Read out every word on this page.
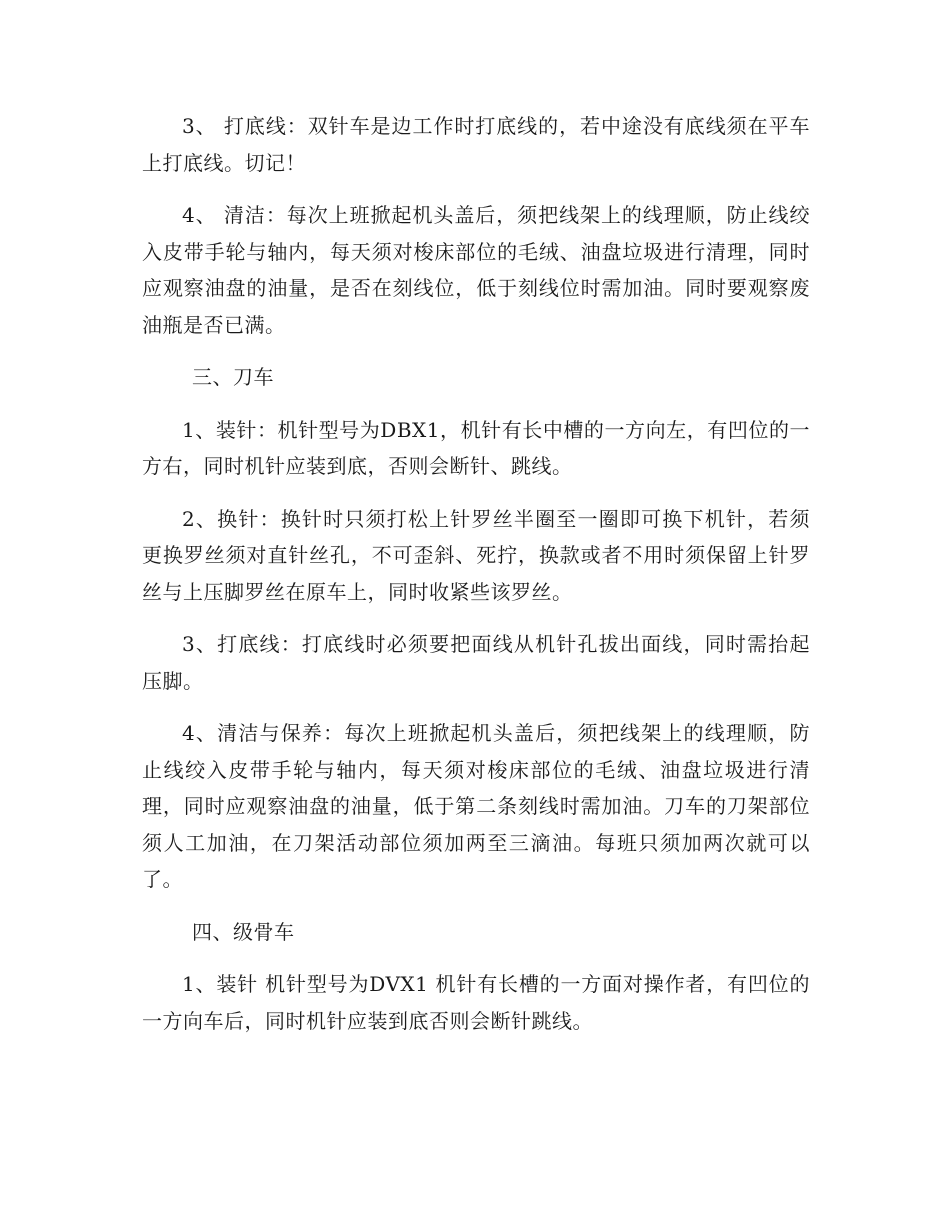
3、 打底线：双针车是边工作时打底线的，若中途没有底线须在平车上打底线。切记！

4、 清洁：每次上班掀起机头盖后，须把线架上的线理顺，防止线绞入皮带手轮与轴内，每天须对梭床部位的毛绒、油盘垃圾进行清理，同时应观察油盘的油量，是否在刻线位，低于刻线位时需加油。同时要观察废油瓶是否已满。

三、刀车

1、装针：机针型号为DBX1，机针有长中槽的一方向左，有凹位的一方右，同时机针应装到底，否则会断针、跳线。

2、换针：换针时只须打松上针罗丝半圈至一圈即可换下机针，若须更换罗丝须对直针丝孔，不可歪斜、死拧，换款或者不用时须保留上针罗丝与上压脚罗丝在原车上，同时收紧些该罗丝。

3、打底线：打底线时必须要把面线从机针孔拔出面线，同时需抬起压脚。

4、清洁与保养：每次上班掀起机头盖后，须把线架上的线理顺，防止线绞入皮带手轮与轴内，每天须对梭床部位的毛绒、油盘垃圾进行清理，同时应观察油盘的油量，低于第二条刻线时需加油。刀车的刀架部位须人工加油，在刀架活动部位须加两至三滴油。每班只须加两次就可以了。

四、级骨车

1、装针 机针型号为DVX1 机针有长槽的一方面对操作者，有凹位的一方向车后，同时机针应装到底否则会断针跳线。
